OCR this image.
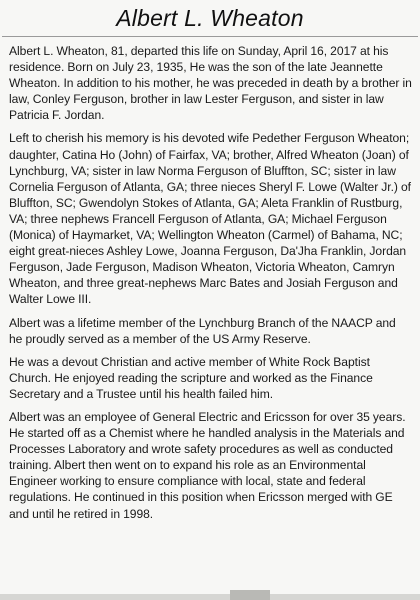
Albert L. Wheaton

Albert L. Wheaton, 81, departed this life on Sunday, April 16, 2017 at his residence. Born on July 23, 1935, He was the son of the late Jeannette Wheaton. In addition to his mother, he was preceded in death by a brother in law, Conley Ferguson, brother in law Lester Ferguson, and sister in law Patricia F. Jordan.

Left to cherish his memory is his devoted wife Pedether Ferguson Wheaton; daughter, Catina Ho (John) of Fairfax, VA; brother, Alfred Wheaton (Joan) of Lynchburg, VA; sister in law Norma Ferguson of Bluffton, SC; sister in law Cornelia Ferguson of Atlanta, GA; three nieces Sheryl F. Lowe (Walter Jr.) of Bluffton, SC; Gwendolyn Stokes of Atlanta, GA; Aleta Franklin of Rustburg, VA; three nephews Francell Ferguson of Atlanta, GA; Michael Ferguson (Monica) of Haymarket, VA; Wellington Wheaton (Carmel) of Bahama, NC; eight great-nieces Ashley Lowe, Joanna Ferguson, Da'Jha Franklin, Jordan Ferguson, Jade Ferguson, Madison Wheaton, Victoria Wheaton, Camryn Wheaton, and three great-nephews Marc Bates and Josiah Ferguson and Walter Lowe III.

Albert was a lifetime member of the Lynchburg Branch of the NAACP and he proudly served as a member of the US Army Reserve.

He was a devout Christian and active member of White Rock Baptist Church. He enjoyed reading the scripture and worked as the Finance Secretary and a Trustee until his health failed him.

Albert was an employee of General Electric and Ericsson for over 35 years. He started off as a Chemist where he handled analysis in the Materials and Processes Laboratory and wrote safety procedures as well as conducted training. Albert then went on to expand his role as an Environmental Engineer working to ensure compliance with local, state and federal regulations. He continued in this position when Ericsson merged with GE and until he retired in 1998.
